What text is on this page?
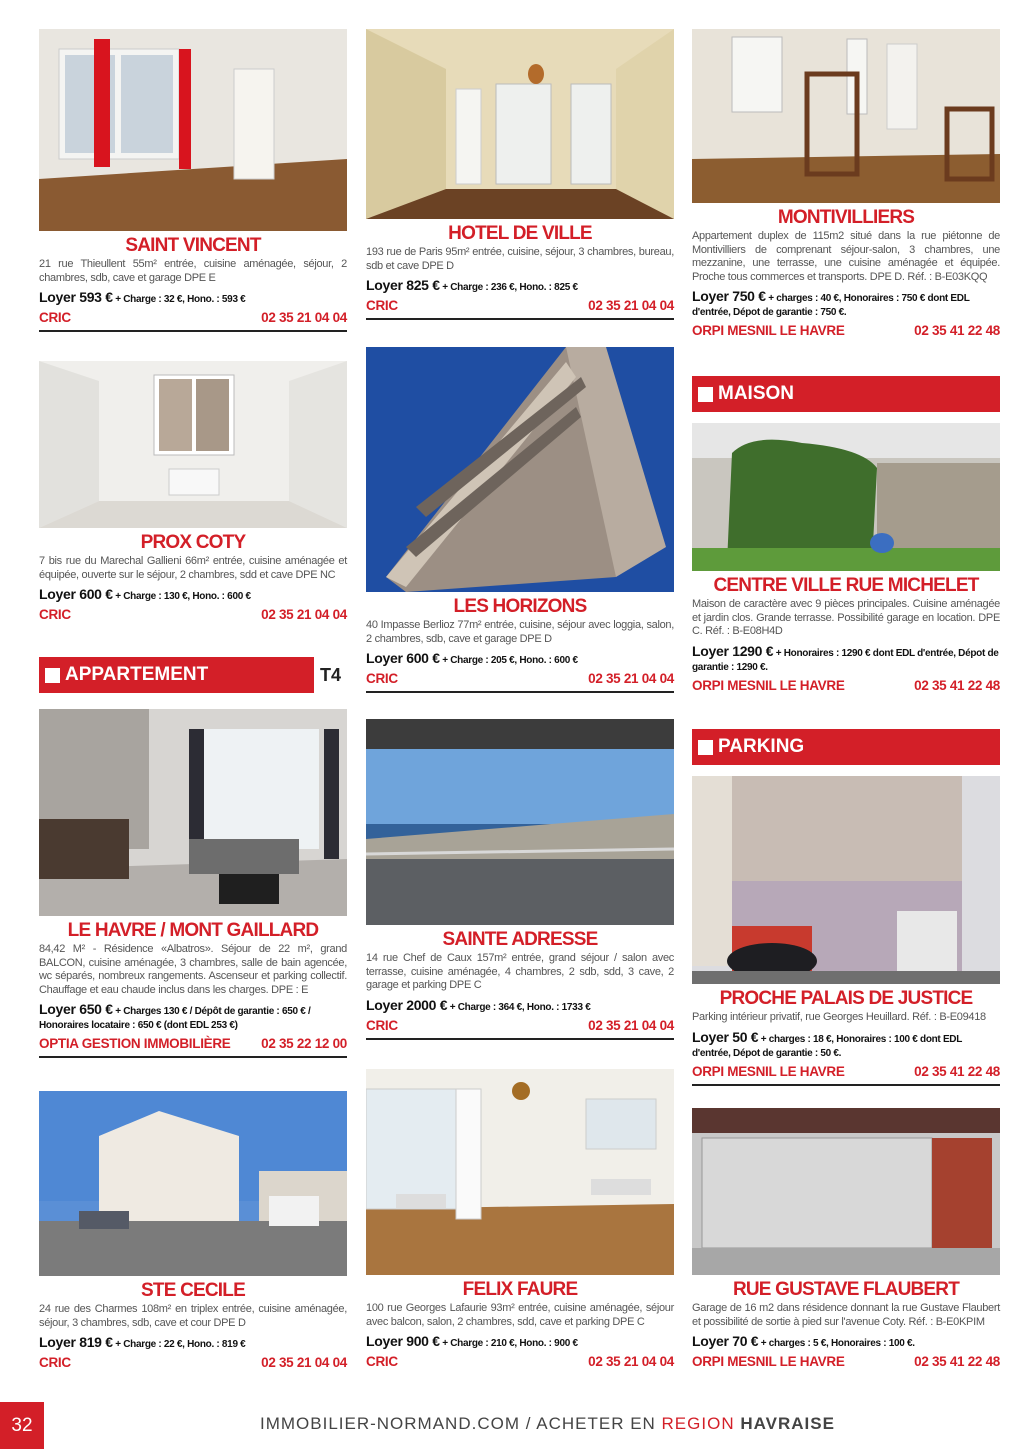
SAINT VINCENT
21 rue Thieullent 55m² entrée, cuisine aménagée, séjour, 2 chambres, sdb, cave et garage DPE E
Loyer 593 € + Charge : 32 €, Hono. : 593 €
CRIC	02 35 21 04 04
PROX COTY
7 bis rue du Marechal Gallieni 66m² entrée, cuisine aménagée et équipée, ouverte sur le séjour, 2 chambres, sdd et cave DPE NC
Loyer 600 € + Charge : 130 €, Hono. : 600 €
CRIC	02 35 21 04 04
APPARTEMENT	T4
LE HAVRE / MONT GAILLARD
84,42 M² - Résidence «Albatros». Séjour de 22 m², grand BALCON, cuisine aménagée, 3 chambres, salle de bain agencée, wc séparés, nombreux rangements. Ascenseur et parking collectif. Chauffage et eau chaude inclus dans les charges. DPE : E
Loyer 650 € + Charges 130 € / Dépôt de garantie : 650 € / Honoraires locataire : 650 € (dont EDL 253 €)
OPTIA GESTION IMMOBILIÈRE 02 35 22 12 00
STE CECILE
24 rue des Charmes 108m² en triplex entrée, cuisine aménagée, séjour, 3 chambres, sdb, cave et cour DPE D
Loyer 819 € + Charge : 22 €, Hono. : 819 €
CRIC	02 35 21 04 04
HOTEL DE VILLE
193 rue de Paris 95m² entrée, cuisine, séjour, 3 chambres, bureau, sdb et cave DPE D
Loyer 825 € + Charge : 236 €, Hono. : 825 €
CRIC	02 35 21 04 04
LES HORIZONS
40 Impasse Berlioz 77m² entrée, cuisine, séjour avec loggia, salon, 2 chambres, sdb, cave et garage DPE D
Loyer 600 € + Charge : 205 €, Hono. : 600 €
CRIC	02 35 21 04 04
SAINTE ADRESSE
14 rue Chef de Caux 157m² entrée, grand séjour / salon avec terrasse, cuisine aménagée, 4 chambres, 2 sdb, sdd, 3 cave, 2 garage et parking DPE C
Loyer 2000 € + Charge : 364 €, Hono. : 1733 €
CRIC	02 35 21 04 04
FELIX FAURE
100 rue Georges Lafaurie 93m² entrée, cuisine aménagée, séjour avec balcon, salon, 2 chambres, sdd, cave et parking DPE C
Loyer 900 € + Charge : 210 €, Hono. : 900 €
CRIC	02 35 21 04 04
MONTIVILLIERS
Appartement duplex de 115m2 situé dans la rue piétonne de Montivilliers de comprenant séjour-salon, 3 chambres, une mezzanine, une terrasse, une cuisine aménagée et équipée. Proche tous commerces et transports. DPE D. Réf. : B-E03KQQ
Loyer 750 € + charges : 40 €, Honoraires : 750 € dont EDL d'entrée, Dépot de garantie : 750 €.
ORPI MESNIL LE HAVRE	02 35 41 22 48
MAISON
CENTRE VILLE RUE MICHELET
Maison de caractère avec 9 pièces principales. Cuisine aménagée et jardin clos. Grande terrasse. Possibilité garage en location. DPE C. Réf. : B-E08H4D
Loyer 1290 € + Honoraires : 1290 € dont EDL d'entrée, Dépot de garantie : 1290 €.
ORPI MESNIL LE HAVRE	02 35 41 22 48
PARKING
PROCHE PALAIS DE JUSTICE
Parking intérieur privatif, rue Georges Heuillard. Réf. : B-E09418
Loyer 50 € + charges : 18 €, Honoraires : 100 € dont EDL d'entrée, Dépot de garantie : 50 €.
ORPI MESNIL LE HAVRE	02 35 41 22 48
RUE GUSTAVE FLAUBERT
Garage de 16 m2 dans résidence donnant la rue Gustave Flaubert et possibilité de sortie à pied sur l'avenue Coty. Réf. : B-E0KPIM
Loyer 70 € + charges : 5 €, Honoraires : 100 €.
ORPI MESNIL LE HAVRE	02 35 41 22 48
32	IMMOBILIER-NORMAND.COM / ACHETER EN REGION HAVRAISE
